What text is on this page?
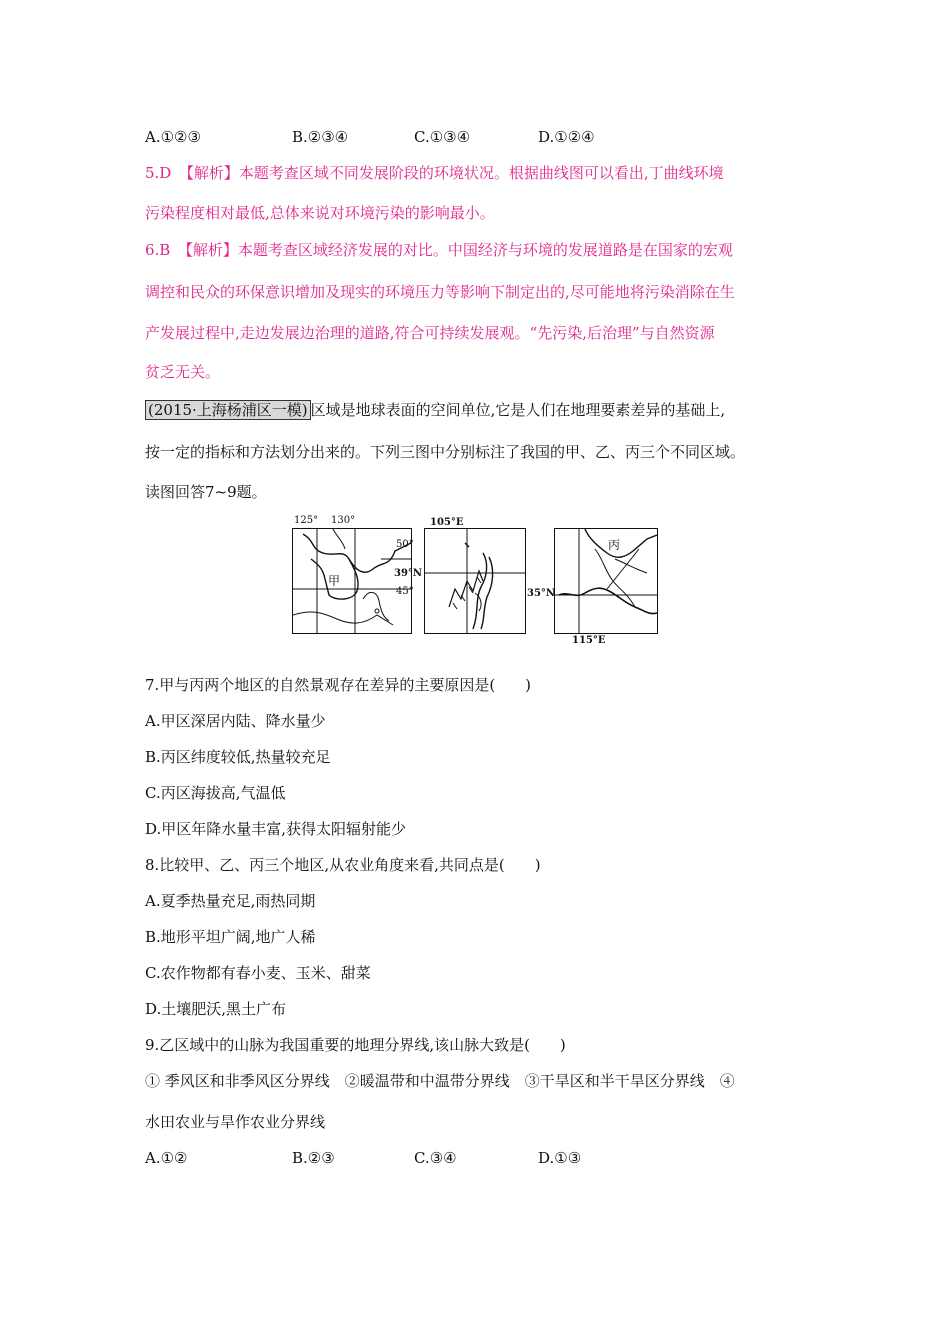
A.①②③	B.②③④	C.①③④	D.①②④
5.D　 【解析】本题考查区域不同发展阶段的环境状况。根据曲线图可以看出,丁曲线环境
污染程度相对最低,总体来说对环境污染的影响最小。
6.B　 【解析】本题考查区域经济发展的对比。中国经济与环境的发展道路是在国家的宏观
调控和民众的环保意识增加及现实的环境压力等影响下制定出的,尽可能地将污染消除在生
产发展过程中,走边发展边治理的道路,符合可持续发展观。“先污染,后治理”与自然资源
贫乏无关。
(2015·上海杨浦区一模) 区域是地球表面的空间单位,它是人们在地理要素差异的基础上,
按一定的指标和方法划分出来的。下列三图中分别标注了我国的甲、乙、丙三个不同区域。
读图回答7~9题。
125° 130°
甲
50°
45°
105°E
39°N
丙
35°N
115°E
7.甲与丙两个地区的自然景观存在差异的主要原因是(　　)
A.甲区深居内陆、降水量少
B.丙区纬度较低,热量较充足
C.丙区海拔高,气温低
D.甲区年降水量丰富,获得太阳辐射能少
8.比较甲、乙、丙三个地区,从农业角度来看,共同点是(　　)
A.夏季热量充足,雨热同期
B.地形平坦广阔,地广人稀
C.农作物都有春小麦、玉米、甜菜
D.土壤肥沃,黑土广布
9.乙区域中的山脉为我国重要的地理分界线,该山脉大致是(　　)
① 季风区和非季风区分界线　②暖温带和中温带分界线　③干旱区和半干旱区分界线　④
水田农业与旱作农业分界线
A.①②	B.②③	C.③④	D.①③
